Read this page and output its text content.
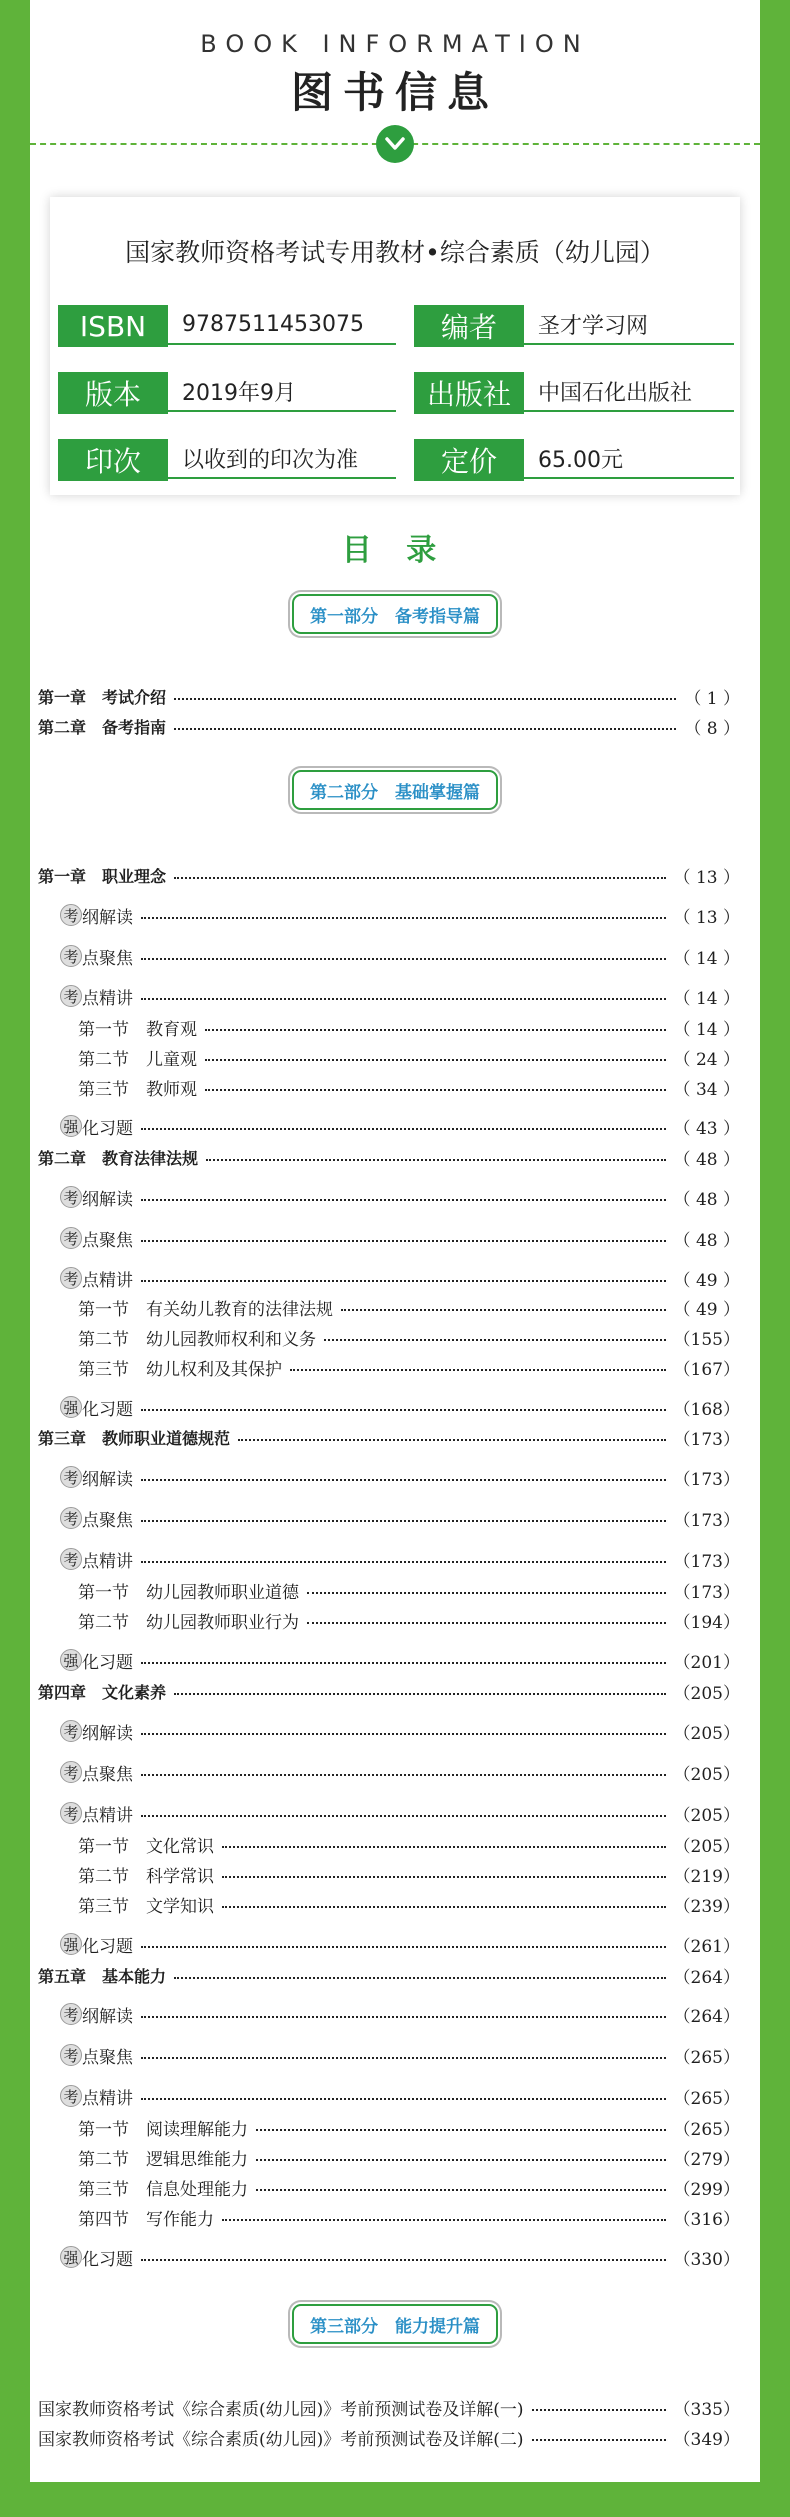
BOOK INFORMATION
图书信息
国家教师资格考试专用教材•综合素质（幼儿园）
ISBN	9787511453075	编者	圣才学习网
版本	2019年9月	出版社	中国石化出版社
印次	以收到的印次为准	定价	65.00元
目 录
第一部分　备考指导篇
第二部分　基础掌握篇
第三部分　能力提升篇
第一章　考试介绍	（ 1 ）
第二章　备考指南	（ 8 ）
第一章　职业理念	（ 13 ）
考 纲解读	（ 13 ）
考 点聚焦	（ 14 ）
考 点精讲	（ 14 ）
第一节　教育观	（ 14 ）
第二节　儿童观	（ 24 ）
第三节　教师观	（ 34 ）
强 化习题	（ 43 ）
第二章　教育法律法规	（ 48 ）
考 纲解读	（ 48 ）
考 点聚焦	（ 48 ）
考 点精讲	（ 49 ）
第一节　有关幼儿教育的法律法规	（ 49 ）
第二节　幼儿园教师权利和义务	（155）
第三节　幼儿权利及其保护	（167）
强 化习题	（168）
第三章　教师职业道德规范	（173）
考 纲解读	（173）
考 点聚焦	（173）
考 点精讲	（173）
第一节　幼儿园教师职业道德	（173）
第二节　幼儿园教师职业行为	（194）
强 化习题	（201）
第四章　文化素养	（205）
考 纲解读	（205）
考 点聚焦	（205）
考 点精讲	（205）
第一节　文化常识	（205）
第二节　科学常识	（219）
第三节　文学知识	（239）
强 化习题	（261）
第五章　基本能力	（264）
考 纲解读	（264）
考 点聚焦	（265）
考 点精讲	（265）
第一节　阅读理解能力	（265）
第二节　逻辑思维能力	（279）
第三节　信息处理能力	（299）
第四节　写作能力	（316）
强 化习题	（330）
国家教师资格考试《综合素质(幼儿园)》考前预测试卷及详解(一)	（335）
国家教师资格考试《综合素质(幼儿园)》考前预测试卷及详解(二)	（349）
